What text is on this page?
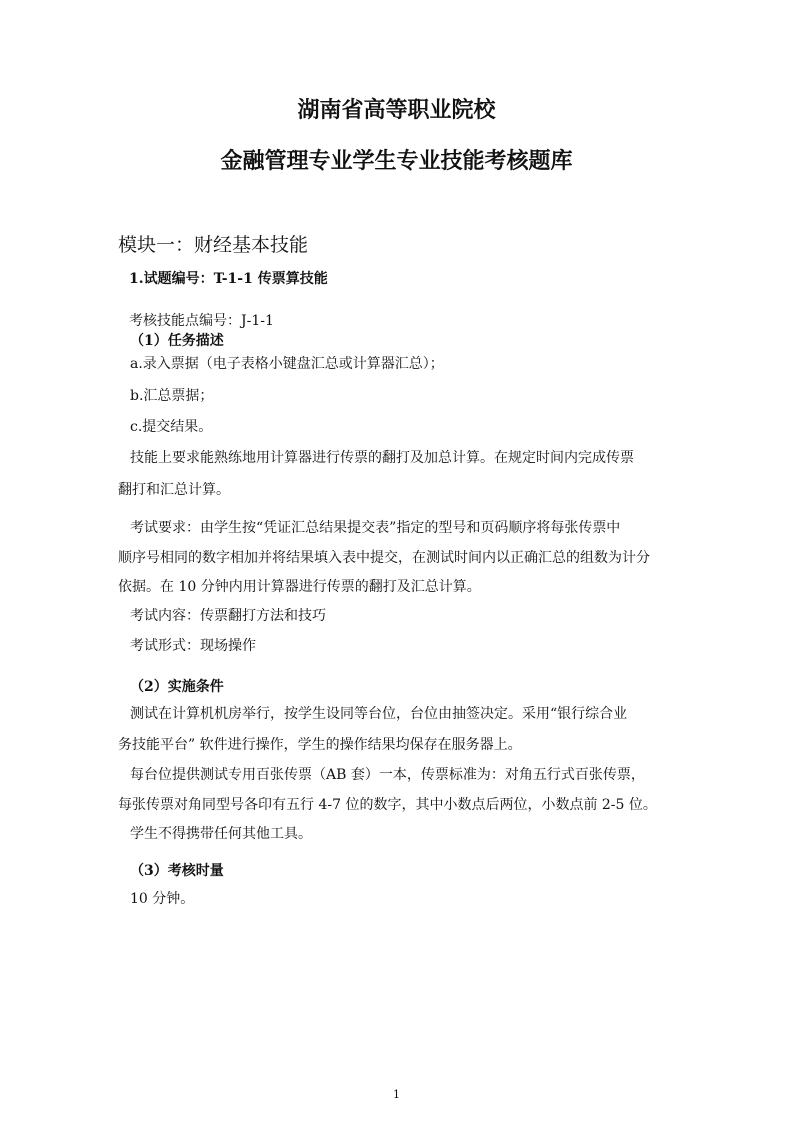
湖南省高等职业院校
金融管理专业学生专业技能考核题库
模块一：财经基本技能
1.试题编号：T-1-1 传票算技能
考核技能点编号：J-1-1
（1）任务描述
a.录入票据（电子表格小键盘汇总或计算器汇总）；
b.汇总票据；
c.提交结果。
技能上要求能熟练地用计算器进行传票的翻打及加总计算。在规定时间内完成传票
翻打和汇总计算。
考试要求：由学生按“凭证汇总结果提交表”指定的型号和页码顺序将每张传票中
顺序号相同的数字相加并将结果填入表中提交，在测试时间内以正确汇总的组数为计分
依据。在 10 分钟内用计算器进行传票的翻打及汇总计算。
考试内容：传票翻打方法和技巧
考试形式：现场操作
（2）实施条件
测试在计算机机房举行，按学生设同等台位，台位由抽签决定。采用“银行综合业
务技能平台” 软件进行操作，学生的操作结果均保存在服务器上。
每台位提供测试专用百张传票（AB 套）一本，传票标准为：对角五行式百张传票，
每张传票对角同型号各印有五行 4-7 位的数字，其中小数点后两位，小数点前 2-5 位。
学生不得携带任何其他工具。
（3）考核时量
10 分钟。
1
